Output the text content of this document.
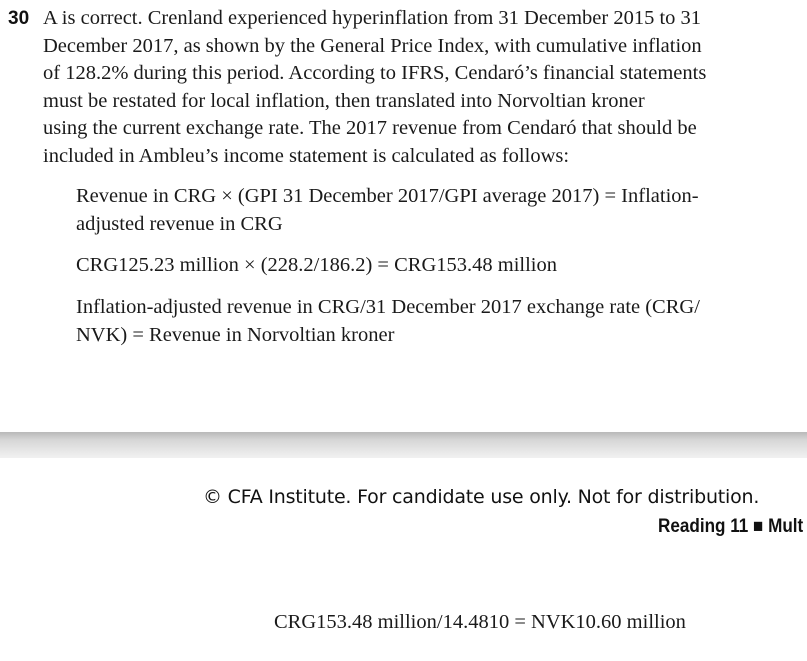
30 A is correct. Crenland experienced hyperinflation from 31 December 2015 to 31
December 2017, as shown by the General Price Index, with cumulative inflation
of 128.2% during this period. According to IFRS, Cendaró’s financial statements
must be restated for local inflation, then translated into Norvoltian kroner
using the current exchange rate. The 2017 revenue from Cendaró that should be
included in Ambleu’s income statement is calculated as follows:

Revenue in CRG × (GPI 31 December 2017/GPI average 2017) = Inflation-
adjusted revenue in CRG

CRG125.23 million × (228.2/186.2) = CRG153.48 million

Inflation-adjusted revenue in CRG/31 December 2017 exchange rate (CRG/
NVK) = Revenue in Norvoltian kroner

© CFA Institute. For candidate use only. Not for distribution.
Reading 11 ■ Mult
CRG153.48 million/14.4810 = NVK10.60 million
